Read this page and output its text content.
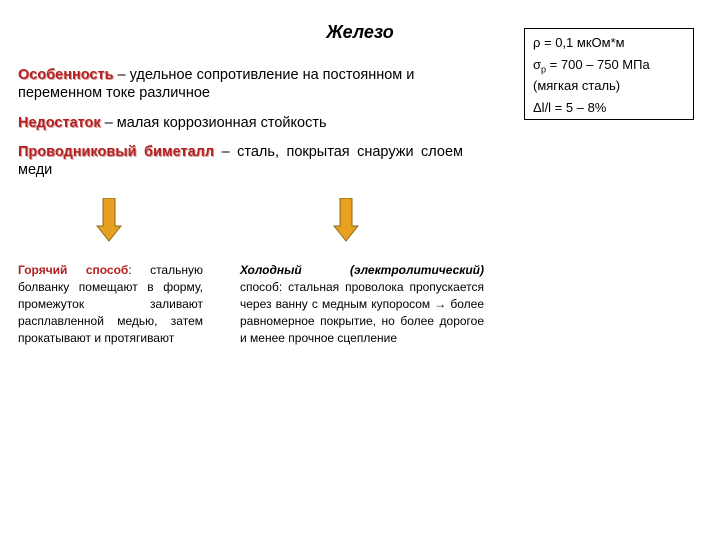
Железо
Особенность – удельное сопротивление на постоянном и переменном токе различное
Недостаток – малая коррозионная стойкость
Проводниковый биметалл – сталь, покрытая снаружи слоем меди
ρ = 0,1 мкОм*м
$\sigma_р = 700 - 750$ МПа
(мягкая сталь)
Δl/l = 5 – 8%
Горячий способ: стальную болванку помещают в форму, промежуток заливают расплавленной медью, затем прокатывают и протягивают
Холодный (электролитический) способ: стальная проволока пропускается через ванну с медным купоросом → более равномерное покрытие, но более дорогое и менее прочное сцепление
